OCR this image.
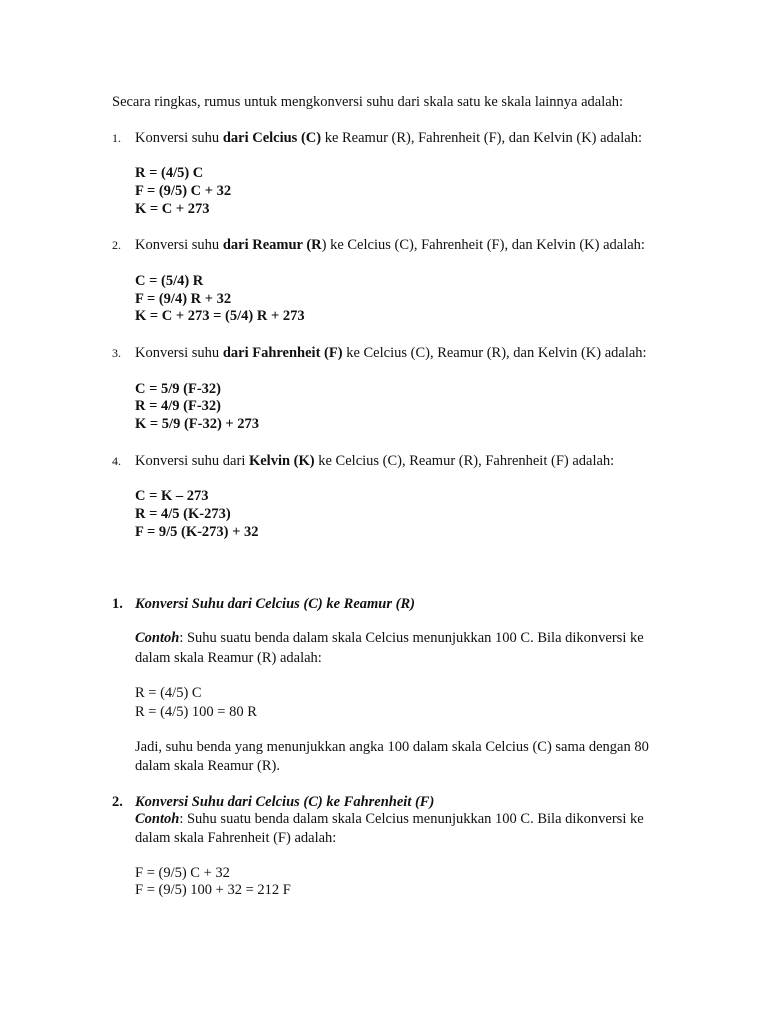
Secara ringkas, rumus untuk mengkonversi suhu dari skala satu ke skala lainnya adalah:
1. Konversi suhu dari Celcius (C) ke Reamur (R), Fahrenheit (F), dan Kelvin (K) adalah:
R = (4/5) C
F = (9/5) C + 32
K = C + 273
2. Konversi suhu dari Reamur (R) ke Celcius (C), Fahrenheit (F), dan Kelvin (K) adalah:
C = (5/4) R
F = (9/4) R + 32
K = C + 273 = (5/4) R + 273
3. Konversi suhu dari Fahrenheit (F) ke Celcius (C), Reamur (R), dan Kelvin (K) adalah:
C = 5/9 (F-32)
R = 4/9 (F-32)
K = 5/9 (F-32) + 273
4. Konversi suhu dari Kelvin (K) ke Celcius (C), Reamur (R), Fahrenheit (F) adalah:
C = K – 273
R = 4/5 (K-273)
F = 9/5 (K-273) + 32
1. Konversi Suhu dari Celcius (C) ke Reamur (R)
Contoh: Suhu suatu benda dalam skala Celcius menunjukkan 100 C. Bila dikonversi ke
dalam skala Reamur (R) adalah:
R = (4/5) C
R = (4/5) 100 = 80 R
Jadi, suhu benda yang menunjukkan angka 100 dalam skala Celcius (C) sama dengan 80
dalam skala Reamur (R).
2. Konversi Suhu dari Celcius (C) ke Fahrenheit (F)
Contoh: Suhu suatu benda dalam skala Celcius menunjukkan 100 C. Bila dikonversi ke
dalam skala Fahrenheit (F) adalah:
F = (9/5) C + 32
F = (9/5) 100 + 32 = 212 F
